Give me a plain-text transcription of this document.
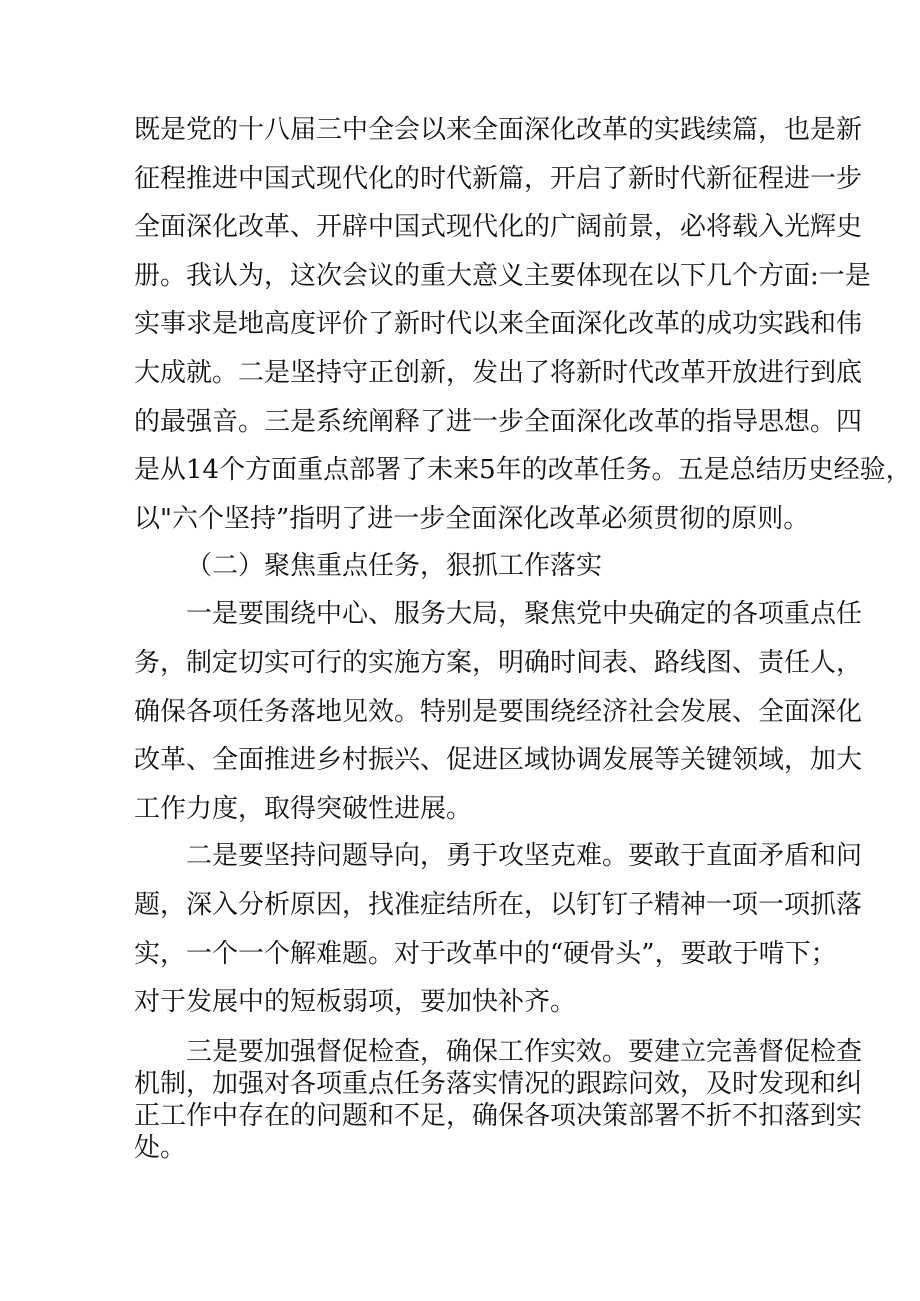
既是党的十八届三中全会以来全面深化改革的实践续篇，也是新
征程推进中国式现代化的时代新篇，开启了新时代新征程进一步
全面深化改革、开辟中国式现代化的广阔前景，必将载入光辉史
册。我认为，这次会议的重大意义主要体现在以下几个方面:一是
实事求是地高度评价了新时代以来全面深化改革的成功实践和伟
大成就。二是坚持守正创新，发出了将新时代改革开放进行到底
的最强音。三是系统阐释了进一步全面深化改革的指导思想。四
是从14个方面重点部署了未来5年的改革任务。五是总结历史经验，
以"六个坚持”指明了进一步全面深化改革必须贯彻的原则。
（二）聚焦重点任务，狠抓工作落实
一是要围绕中心、服务大局，聚焦党中央确定的各项重点任
务，制定切实可行的实施方案，明确时间表、路线图、责任人，
确保各项任务落地见效。特别是要围绕经济社会发展、全面深化
改革、全面推进乡村振兴、促进区域协调发展等关键领域，加大
工作力度，取得突破性进展。
二是要坚持问题导向，勇于攻坚克难。要敢于直面矛盾和问
题，深入分析原因，找准症结所在，以钉钉子精神一项一项抓落
实，一个一个解难题。对于改革中的“硬骨头”，要敢于啃下；
对于发展中的短板弱项，要加快补齐。
三是要加强督促检查，确保工作实效。要建立完善督促检查
机制，加强对各项重点任务落实情况的跟踪问效，及时发现和纠
正工作中存在的问题和不足，确保各项决策部署不折不扣落到实
处。
